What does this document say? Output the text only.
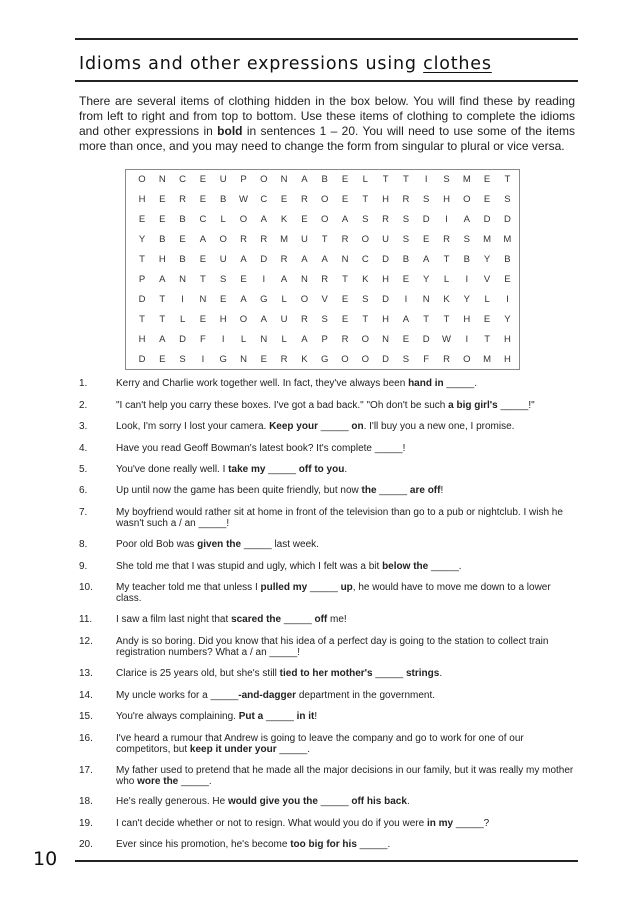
Idioms and other expressions using clothes
There are several items of clothing hidden in the box below. You will find these by reading from left to right and from top to bottom. Use these items of clothing to complete the idioms and other expressions in bold in sentences 1 – 20. You will need to use some of the items more than once, and you may need to change the form from singular to plural or vice versa.
O	N	C	E	U	P	O	N	A	B	E	L	T	T	I	S	M	E	T
H	E	R	E	B	W	C	E	R	O	E	T	H	R	S	H	O	E	S
E	E	B	C	L	O	A	K	E	O	A	S	R	S	D	I	A	D	D
Y	B	E	A	O	R	R	M	U	T	R	O	U	S	E	R	S	M	M
T	H	B	E	U	A	D	R	A	A	N	C	D	B	A	T	B	Y	B
P	A	N	T	S	E	I	A	N	R	T	K	H	E	Y	L	I	V	E
D	T	I	N	E	A	G	L	O	V	E	S	D	I	N	K	Y	L	I
T	T	L	E	H	O	A	U	R	S	E	T	H	A	T	T	H	E	Y
H	A	D	F	I	L	N	L	A	P	R	O	N	E	D	W	I	T	H
D	E	S	I	G	N	E	R	K	G	O	O	D	S	F	R	O	M	H
1.	Kerry and Charlie work together well. In fact, they've always been hand in _____.
2.	"I can't help you carry these boxes. I've got a bad back." "Oh don't be such a big girl's _____!"
3.	Look, I'm sorry I lost your camera. Keep your _____ on. I'll buy you a new one, I promise.
4.	Have you read Geoff Bowman's latest book? It's complete _____!
5.	You've done really well. I take my _____ off to you.
6.	Up until now the game has been quite friendly, but now the _____ are off!
7.	My boyfriend would rather sit at home in front of the television than go to a pub or nightclub. I wish he wasn't such a / an _____!
8.	Poor old Bob was given the _____ last week.
9.	She told me that I was stupid and ugly, which I felt was a bit below the _____.
10.	My teacher told me that unless I pulled my _____ up, he would have to move me down to a lower class.
11.	I saw a film last night that scared the _____ off me!
12.	Andy is so boring. Did you know that his idea of a perfect day is going to the station to collect train registration numbers? What a / an _____!
13.	Clarice is 25 years old, but she's still tied to her mother's _____ strings.
14.	My uncle works for a _____-and-dagger department in the government.
15.	You're always complaining. Put a _____ in it!
16.	I've heard a rumour that Andrew is going to leave the company and go to work for one of our competitors, but keep it under your _____.
17.	My father used to pretend that he made all the major decisions in our family, but it was really my mother who wore the _____.
18.	He's really generous. He would give you the _____ off his back.
19.	I can't decide whether or not to resign. What would you do if you were in my _____?
20.	Ever since his promotion, he's become too big for his _____.
10
